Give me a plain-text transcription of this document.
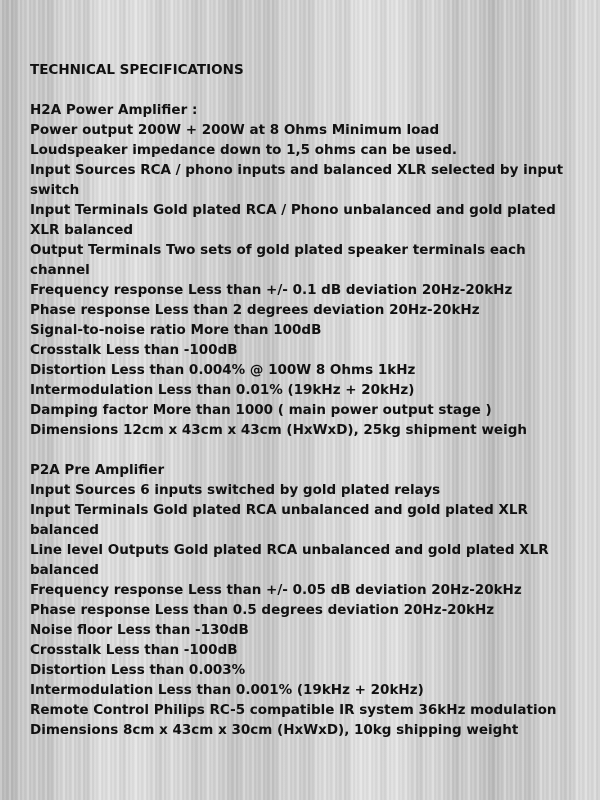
TECHNICAL SPECIFICATIONS

H2A Power Amplifier :

Power output 200W + 200W at 8 Ohms Minimum load

Loudspeaker impedance down to 1,5 ohms can be used.

Input Sources RCA / phono inputs and balanced XLR selected by input switch

Input Terminals Gold plated RCA / Phono unbalanced and gold plated XLR balanced

Output Terminals Two sets of gold plated speaker terminals each channel

Frequency response Less than +/- 0.1 dB deviation 20Hz-20kHz

Phase response Less than 2 degrees deviation 20Hz-20kHz

Signal-to-noise ratio More than 100dB

Crosstalk Less than -100dB

Distortion Less than 0.004% @ 100W 8 Ohms 1kHz

Intermodulation Less than 0.01% (19kHz + 20kHz)

Damping factor More than 1000 ( main power output stage )

Dimensions 12cm x 43cm x 43cm (HxWxD), 25kg shipment weigh

P2A Pre Amplifier

Input Sources 6 inputs switched by gold plated relays

Input Terminals Gold plated RCA unbalanced and gold plated XLR balanced

Line level Outputs Gold plated RCA unbalanced and gold plated XLR balanced

Frequency response Less than +/- 0.05 dB deviation 20Hz-20kHz

Phase response Less than 0.5 degrees deviation 20Hz-20kHz

Noise floor Less than -130dB

Crosstalk Less than -100dB

Distortion Less than 0.003%

Intermodulation Less than 0.001% (19kHz + 20kHz)

Remote Control Philips RC-5 compatible IR system 36kHz modulation

Dimensions 8cm x 43cm x 30cm (HxWxD), 10kg shipping weight
